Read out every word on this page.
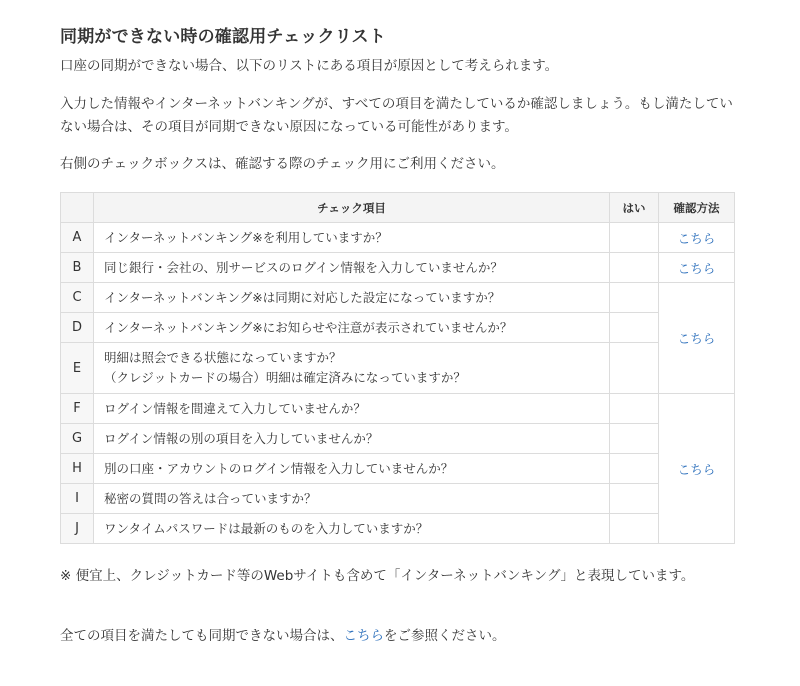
同期ができない時の確認用チェックリスト

口座の同期ができない場合、以下のリストにある項目が原因として考えられます。

入力した情報やインターネットバンキングが、すべての項目を満たしているか確認しましょう。もし満たしていない場合は、その項目が同期できない原因になっている可能性があります。

右側のチェックボックスは、確認する際のチェック用にご利用ください。

	チェック項目	はい	確認方法
A	インターネットバンキング※を利用していますか？		こちら
B	同じ銀行・会社の、別サービスのログイン情報を入力していませんか？		こちら
C	インターネットバンキング※は同期に対応した設定になっていますか？		こちら
D	インターネットバンキング※にお知らせや注意が表示されていませんか？		
E	明細は照会できる状態になっていますか？
（クレジットカードの場合）明細は確定済みになっていますか？		

F	ログイン情報を間違えて入力していませんか？		こちら
G	ログイン情報の別の項目を入力していませんか？		
H	別の口座・アカウントのログイン情報を入力していませんか？		
I	秘密の質問の答えは合っていますか？		
J	ワンタイムパスワードは最新のものを入力していますか？		

※ 便宜上、クレジットカード等のWebサイトも含めて「インターネットバンキング」と表現しています。

全ての項目を満たしても同期できない場合は、こちらをご参照ください。
